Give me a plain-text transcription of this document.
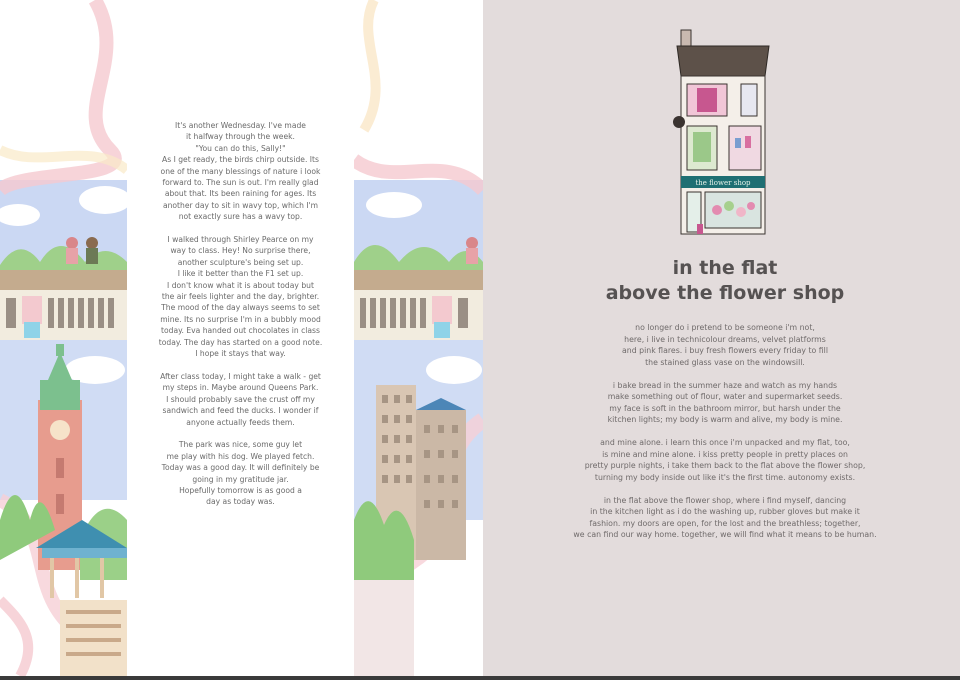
It's another Wednesday. I've made
it halfway through the week.
"You can do this, Sally!"
As I get ready, the birds chirp outside. Its
one of the many blessings of nature i look
forward to. The sun is out. I'm really glad
about that. Its been raining for ages. Its
another day to sit in wavy top, which I'm
not exactly sure has a wavy top.

I walked through Shirley Pearce on my
way to class. Hey! No surprise there,
another sculpture's being set up.
I like it better than the F1 set up.
I don't know what it is about today but
the air feels lighter and the day, brighter.
The mood of the day always seems to set
mine. Its no surprise I'm in a bubbly mood
today. Eva handed out chocolates in class
today. The day has started on a good note.
I hope it stays that way.

After class today, I might take a walk - get
my steps in. Maybe around Queens Park.
I should probably save the crust off my
sandwich and feed the ducks. I wonder if
anyone actually feeds them.

The park was nice, some guy let
me play with his dog. We played fetch.
Today was a good day. It will definitely be
going in my gratitude jar.
Hopefully tomorrow is as good a
day as today was.

the flower shop
in the flat
above the flower shop

no longer do i pretend to be someone i'm not,
here, i live in technicolour dreams, velvet platforms
and pink flares. i buy fresh flowers every friday to fill
the stained glass vase on the windowsill.

i bake bread in the summer haze and watch as my hands
make something out of flour, water and supermarket seeds.
my face is soft in the bathroom mirror, but harsh under the
kitchen lights; my body is warm and alive, my body is mine.

and mine alone. i learn this once i'm unpacked and my flat, too,
is mine and mine alone. i kiss pretty people in pretty places on
pretty purple nights, i take them back to the flat above the flower shop,
turning my body inside out like it's the first time. autonomy exists.

in the flat above the flower shop, where i find myself, dancing
in the kitchen light as i do the washing up, rubber gloves but make it
fashion. my doors are open, for the lost and the breathless; together,
we can find our way home. together, we will find what it means to be human.
